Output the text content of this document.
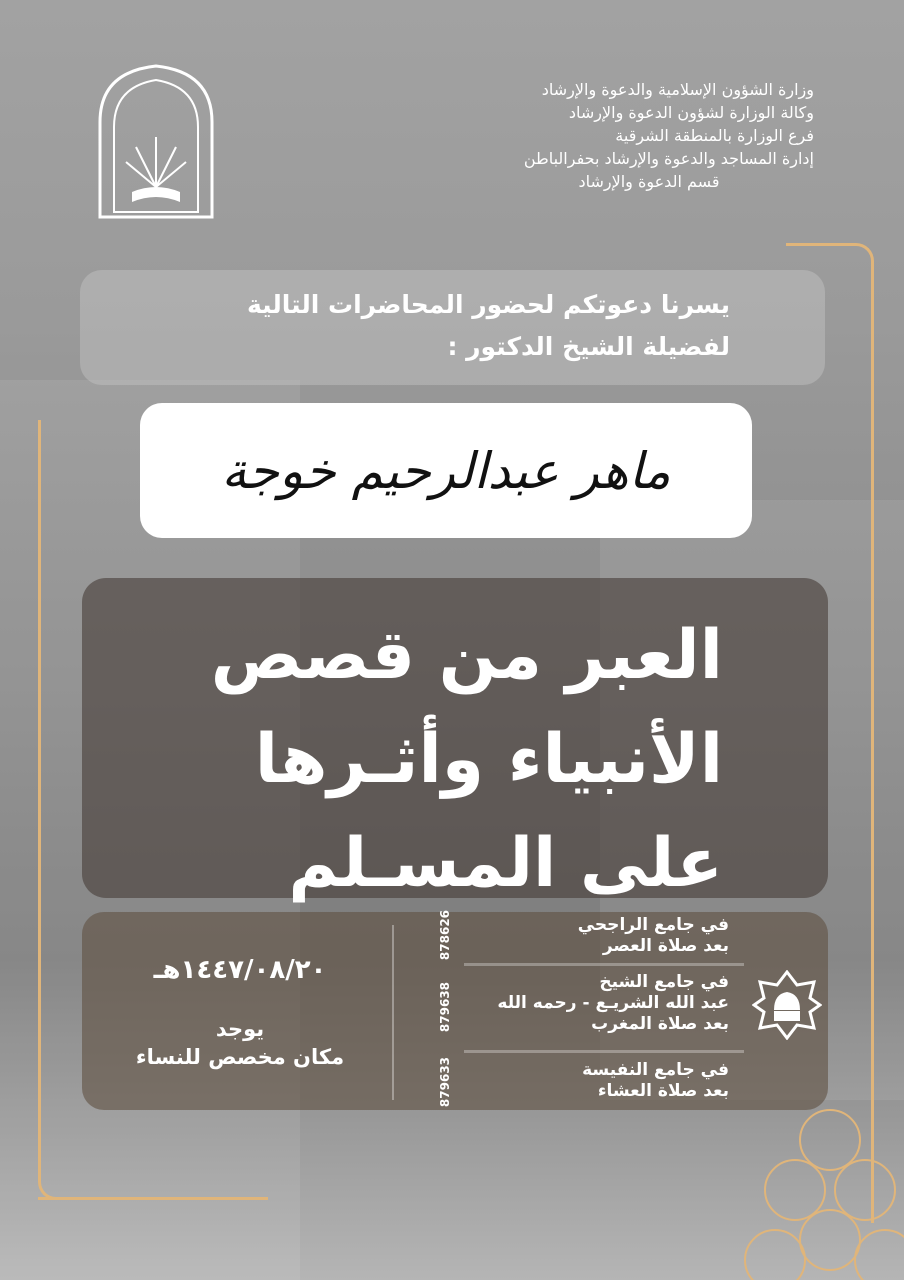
وزارة الشؤون الإسلامية والدعوة والإرشاد
وكالة الوزارة لشؤون الدعوة والإرشاد
فرع الوزارة بالمنطقة الشرقية
إدارة المساجد والدعوة والإرشاد بحفرالباطن
قسم الدعوة والإرشاد
يسرنا دعوتكم لحضور المحاضرات التالية
لفضيلة الشيخ الدكتور :
ماهر عبدالرحيم خوجة
العبر من قصص
الأنبياء وأثـرها
على المسـلم
في جامع الراجحي
بعد صلاة العصر
في جامع الشيخ
عبد الله الشريـع - رحمه الله
بعد صلاة المغرب
في جامع النفيسة
بعد صلاة العشاء
878626
879638
879633
١٤٤٧/٠٨/٢٠هـ
يوجد
مكان مخصص للنساء
